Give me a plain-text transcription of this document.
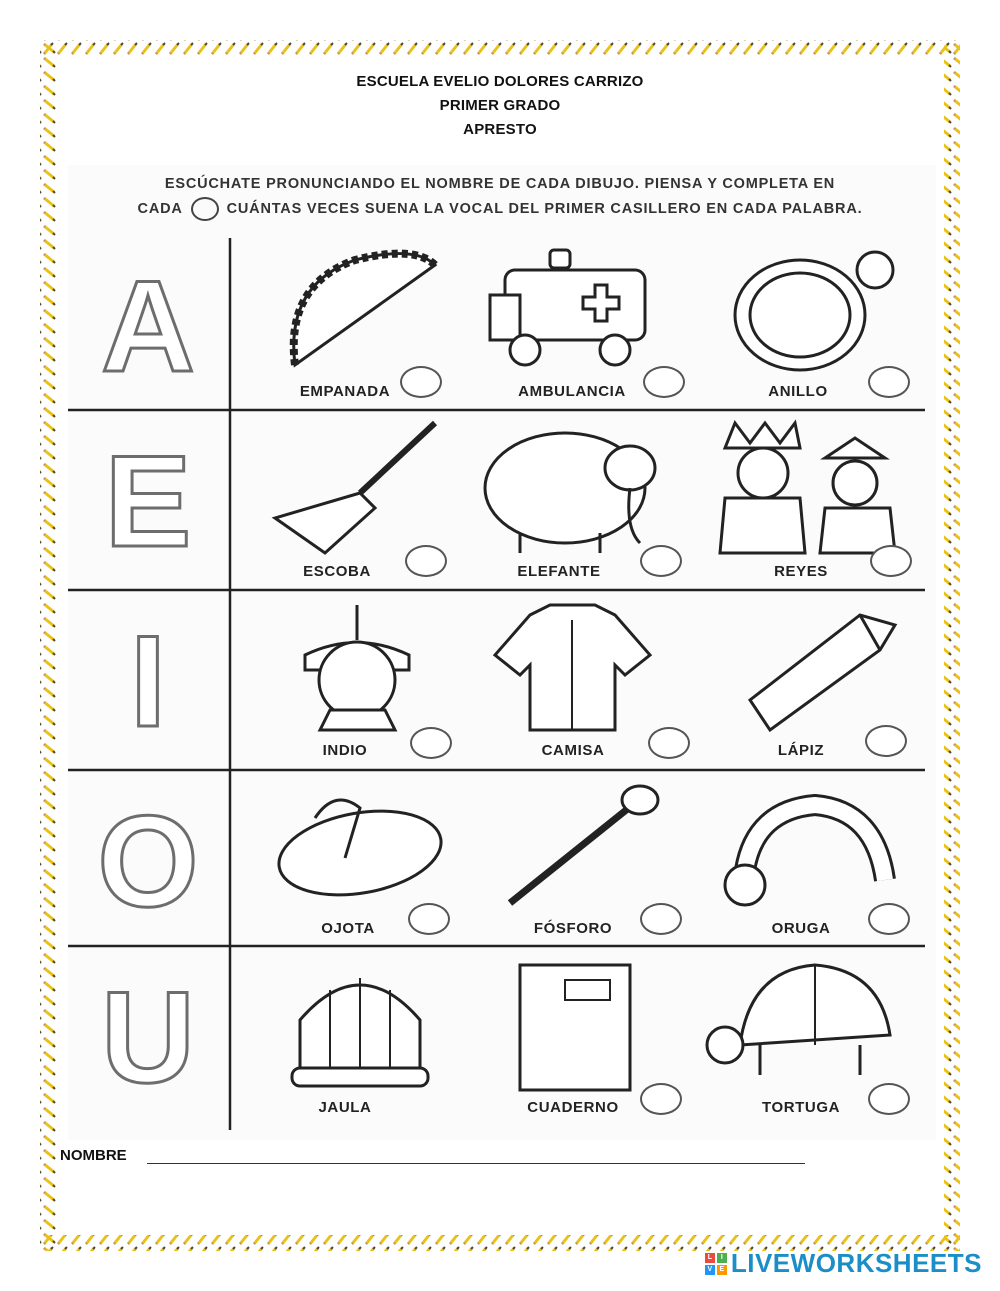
ESCUELA EVELIO DOLORES CARRIZO
PRIMER GRADO
APRESTO
ESCÚCHATE PRONUNCIANDO EL NOMBRE DE CADA DIBUJO. PIENSA Y COMPLETA EN
CADA	CUÁNTAS VECES SUENA LA VOCAL DEL PRIMER CASILLERO EN CADA PALABRA.
A	EMPANADA	AMBULANCIA	ANILLO
E	ESCOBA	ELEFANTE	REYES
I	INDIO	CAMISA	LÁPIZ
O	OJOTA	FÓSFORO	ORUGA
U	JAULA	CUADERNO	TORTUGA
NOMBRE
L	I
V	E LIVEWORKSHEETS
